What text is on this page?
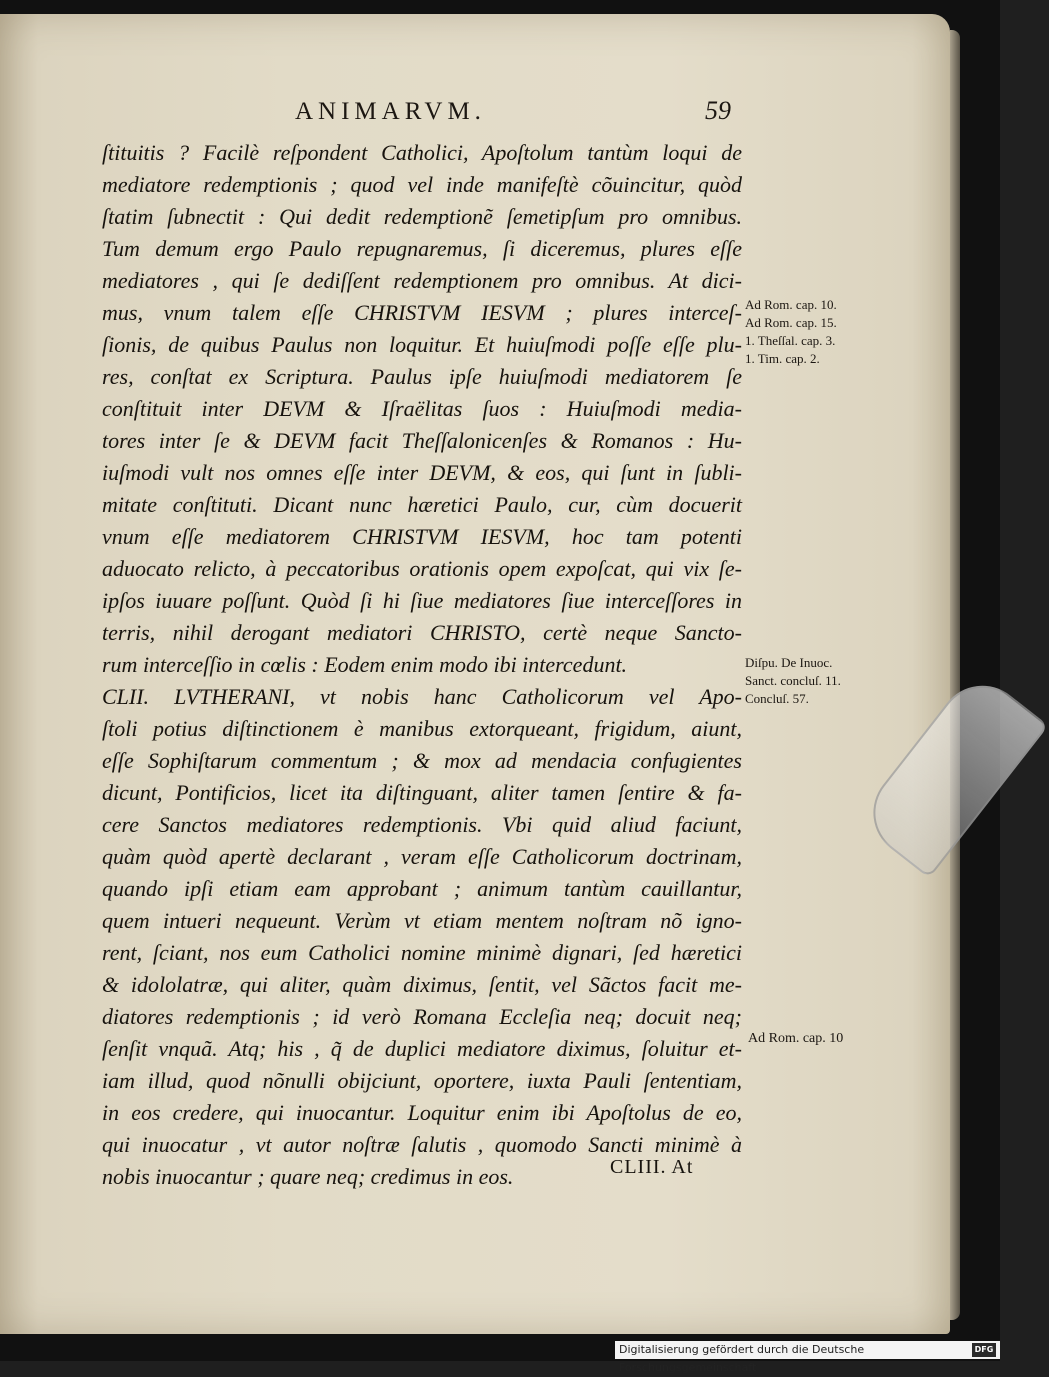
ANIMARVM.	59
ſtituitis ? Facilè reſpondent Catholici, Apoſtolum tantùm loqui de
mediatore redemptionis ; quod vel inde manifeſtè cõuincitur, quòd
ſtatim ſubnectit : Qui dedit redemptionẽ ſemetipſum pro omnibus.
Tum demum ergo Paulo repugnaremus, ſi diceremus, plures eſſe
mediatores , qui ſe dediſſent redemptionem pro omnibus. At dici-
mus, vnum talem eſſe CHRISTVM IESVM ; plures interceſ-
ſionis, de quibus Paulus non loquitur. Et huiuſmodi poſſe eſſe plu-
res, conſtat ex Scriptura. Paulus ipſe huiuſmodi mediatorem ſe
conſtituit inter DEVM & Iſraëlitas ſuos : Huiuſmodi media-
tores inter ſe & DEVM facit Theſſalonicenſes & Romanos : Hu-
iuſmodi vult nos omnes eſſe inter DEVM, & eos, qui ſunt in ſubli-
mitate conſtituti. Dicant nunc hæretici Paulo, cur, cùm docuerit
vnum eſſe mediatorem CHRISTVM IESVM, hoc tam potenti
aduocato relicto, à peccatoribus orationis opem expoſcat, qui vix ſe-
ipſos iuuare poſſunt. Quòd ſi hi ſiue mediatores ſiue interceſſores in
terris, nihil derogant mediatori CHRISTO, certè neque Sancto-
rum interceſſio in cœlis : Eodem enim modo ibi intercedunt.
CLII. LVTHERANI, vt nobis hanc Catholicorum vel Apo-
ſtoli potius diſtinctionem è manibus extorqueant, frigidum, aiunt,
eſſe Sophiſtarum commentum ; & mox ad mendacia confugientes
dicunt, Pontificios, licet ita diſtinguant, aliter tamen ſentire & fa-
cere Sanctos mediatores redemptionis. Vbi quid aliud faciunt,
quàm quòd apertè declarant , veram eſſe Catholicorum doctrinam,
quando ipſi etiam eam approbant ; animum tantùm cauillantur,
quem intueri nequeunt. Verùm vt etiam mentem noſtram nõ igno-
rent, ſciant, nos eum Catholici nomine minimè dignari, ſed hæretici
& idololatræ, qui aliter, quàm diximus, ſentit, vel Sãctos facit me-
diatores redemptionis ; id verò Romana Eccleſia neq; docuit neq;
ſenſit vnquã. Atq; his , q̃ de duplici mediatore diximus, ſoluitur et-
iam illud, quod nõnulli obijciunt, oportere, iuxta Pauli ſententiam,
in eos credere, qui inuocantur. Loquitur enim ibi Apoſtolus de eo,
qui inuocatur , vt autor noſtræ ſalutis , quomodo Sancti minimè à
nobis inuocantur ; quare neq; credimus in eos.	CLIII. At
Ad Rom. cap. 10.
Ad Rom. cap. 15.
1. Theſſal. cap. 3.
1. Tim. cap. 2.
Diſpu. De Inuoc.
Sanct. concluſ. 11.
Concluſ. 57.
Ad Rom. cap. 10
Digitalisierung gefördert durch die Deutsche Forschungsgemeinschaft
DFG
